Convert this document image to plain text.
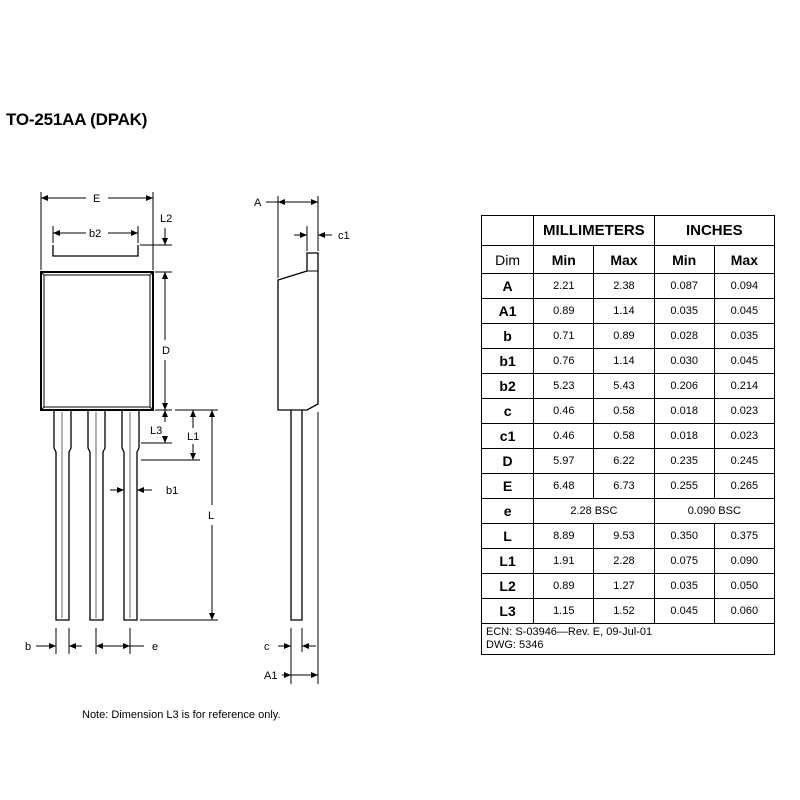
TO-251AA (DPAK)
E
b2
L2
D
L3 L1
b1
L
b	e
A
c1
c
A1
	MILLIMETERS		INCHES	
Dim	Min	Max	Min	Max
A	2.21	2.38	0.087	0.094
A1	0.89	1.14	0.035	0.045
b	0.71	0.89	0.028	0.035
b1	0.76	1.14	0.030	0.045
b2	5.23	5.43	0.206	0.214
c	0.46	0.58	0.018	0.023
c1	0.46	0.58	0.018	0.023
D	5.97	6.22	0.235	0.245
E	6.48	6.73	0.255	0.265
e	2.28 BSC		0.090 BSC	
L	8.89	9.53	0.350	0.375
L1	1.91	2.28	0.075	0.090
L2	0.89	1.27	0.035	0.050
L3	1.15	1.52	0.045	0.060

ECN: S-03946—Rev. E, 09-Jul-01
DWG: 5346				
Note: Dimension L3 is for reference only.
